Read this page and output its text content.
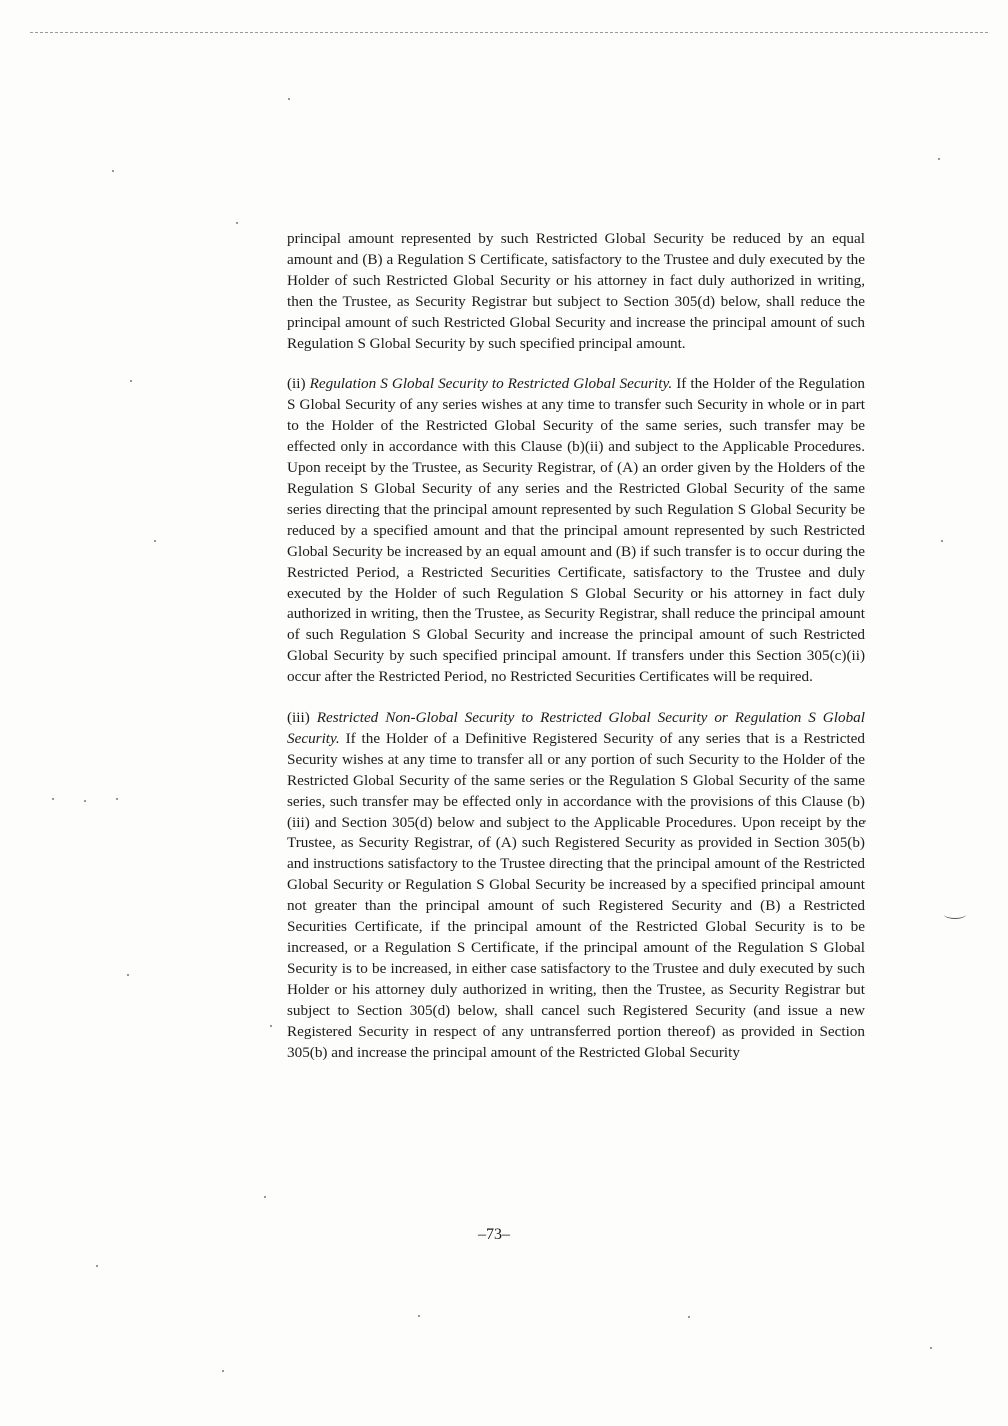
principal amount represented by such Restricted Global Security be reduced by an equal amount and (B) a Regulation S Certificate, satisfactory to the Trustee and duly executed by the Holder of such Restricted Global Security or his attorney in fact duly authorized in writing, then the Trustee, as Security Registrar but subject to Section 305(d) below, shall reduce the principal amount of such Restricted Global Security and increase the principal amount of such Regulation S Global Security by such specified principal amount.

(ii) Regulation S Global Security to Restricted Global Security. If the Holder of the Regulation S Global Security of any series wishes at any time to transfer such Security in whole or in part to the Holder of the Restricted Global Security of the same series, such transfer may be effected only in accordance with this Clause (b)(ii) and subject to the Applicable Procedures. Upon receipt by the Trustee, as Security Registrar, of (A) an order given by the Holders of the Regulation S Global Security of any series and the Restricted Global Security of the same series directing that the principal amount represented by such Regulation S Global Security be reduced by a specified amount and that the principal amount represented by such Restricted Global Security be increased by an equal amount and (B) if such transfer is to occur during the Restricted Period, a Restricted Securities Certificate, satisfactory to the Trustee and duly executed by the Holder of such Regulation S Global Security or his attorney in fact duly authorized in writing, then the Trustee, as Security Registrar, shall reduce the principal amount of such Regulation S Global Security and increase the principal amount of such Restricted Global Security by such specified principal amount. If transfers under this Section 305(c)(ii) occur after the Restricted Period, no Restricted Securities Certificates will be required.

(iii) Restricted Non-Global Security to Restricted Global Security or Regulation S Global Security. If the Holder of a Definitive Registered Security of any series that is a Restricted Security wishes at any time to transfer all or any portion of such Security to the Holder of the Restricted Global Security of the same series or the Regulation S Global Security of the same series, such transfer may be effected only in accordance with the provisions of this Clause (b)(iii) and Section 305(d) below and subject to the Applicable Procedures. Upon receipt by the Trustee, as Security Registrar, of (A) such Registered Security as provided in Section 305(b) and instructions satisfactory to the Trustee directing that the principal amount of the Restricted Global Security or Regulation S Global Security be increased by a specified principal amount not greater than the principal amount of such Registered Security and (B) a Restricted Securities Certificate, if the principal amount of the Restricted Global Security is to be increased, or a Regulation S Certificate, if the principal amount of the Regulation S Global Security is to be increased, in either case satisfactory to the Trustee and duly executed by such Holder or his attorney duly authorized in writing, then the Trustee, as Security Registrar but subject to Section 305(d) below, shall cancel such Registered Security (and issue a new Registered Security in respect of any untransferred portion thereof) as provided in Section 305(b) and increase the principal amount of the Restricted Global Security

–73–
